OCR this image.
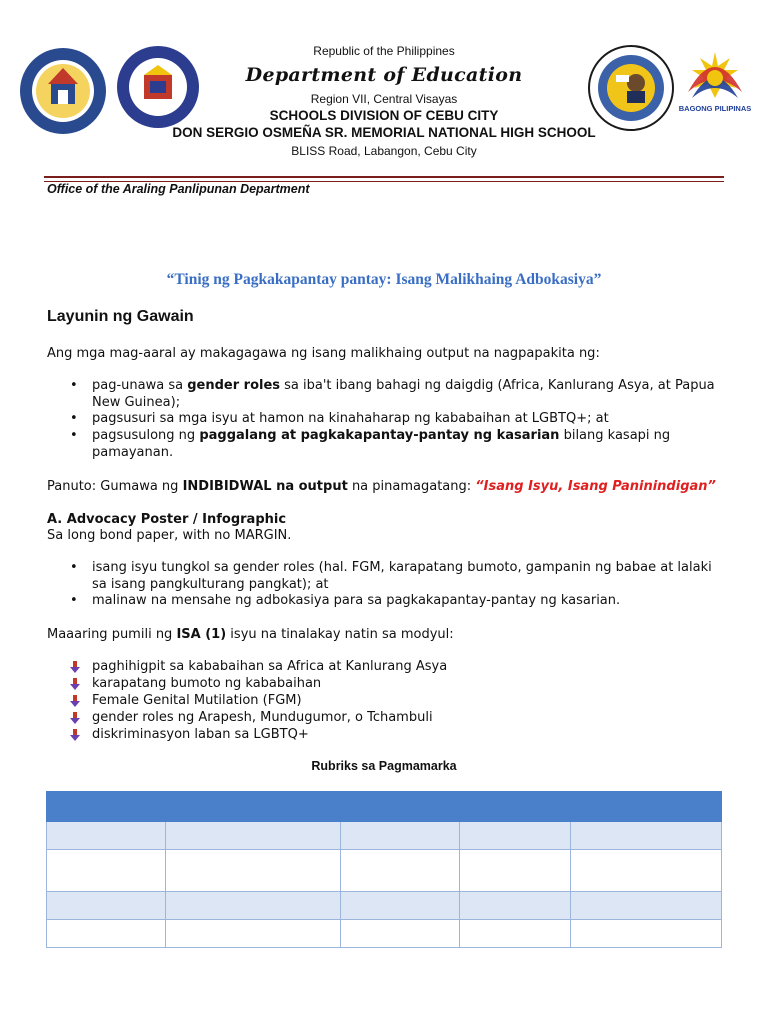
BAGONG PILIPINAS
Republic of the Philippines
Department of Education
Region VII, Central Visayas
SCHOOLS DIVISION OF CEBU CITY
DON SERGIO OSMEÑA SR. MEMORIAL NATIONAL HIGH SCHOOL
BLISS Road, Labangon, Cebu City
Office of the Araling Panlipunan Department
“Tinig ng Pagkakapantay pantay: Isang Malikhaing Adbokasiya”
Layunin ng Gawain
Ang mga mag-aaral ay makagagawa ng isang malikhaing output na nagpapakita ng:
• pag-unawa sa gender roles sa iba't ibang bahagi ng daigdig (Africa, Kanlurang Asya, at Papua New Guinea);
• pagsusuri sa mga isyu at hamon na kinahaharap ng kababaihan at LGBTQ+; at
• pagsusulong ng paggalang at pagkakapantay-pantay ng kasarian bilang kasapi ng pamayanan.
Panuto: Gumawa ng INDIBIDWAL na output na pinamagatang: “Isang Isyu, Isang Paninindigan”
A. Advocacy Poster / Infographic
Sa long bond paper, with no MARGIN.
• isang isyu tungkol sa gender roles (hal. FGM, karapatang bumoto, gampanin ng babae at lalaki sa isang pangkulturang pangkat); at
• malinaw na mensahe ng adbokasiya para sa pagkakapantay-pantay ng kasarian.
Maaaring pumili ng ISA (1) isyu na tinalakay natin sa modyul:
paghihigpit sa kababaihan sa Africa at Kanlurang Asya
karapatang bumoto ng kababaihan
Female Genital Mutilation (FGM)
gender roles ng Arapesh, Mundugumor, o Tchambuli
diskriminasyon laban sa LGBTQ+
Rubriks sa Pagmamarka
